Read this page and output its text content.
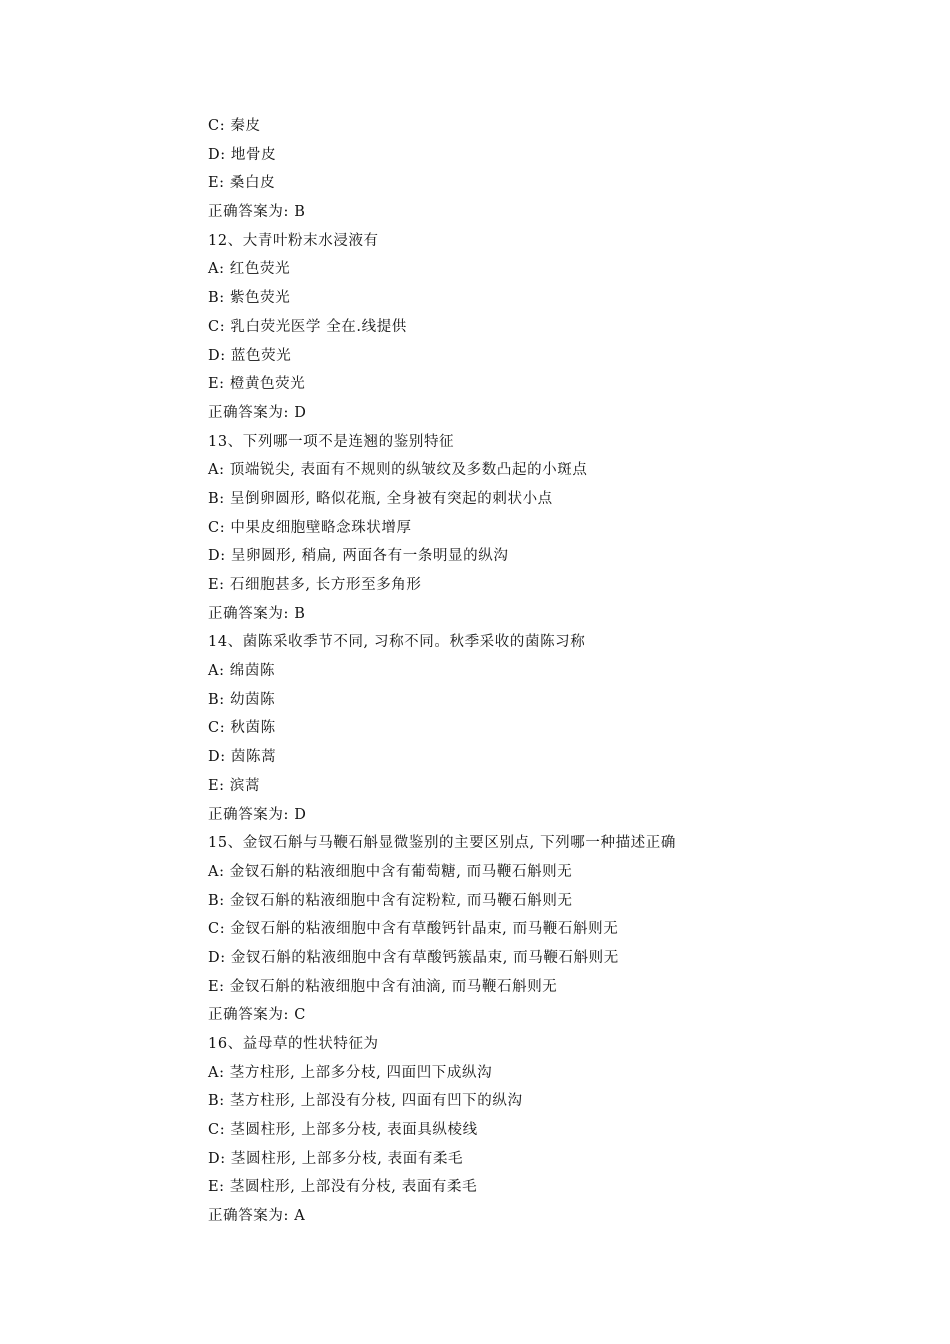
C: 秦皮
D: 地骨皮
E: 桑白皮
正确答案为: B
12、大青叶粉末水浸液有
A: 红色荧光
B: 紫色荧光
C: 乳白荧光医学 全在.线提供
D: 蓝色荧光
E: 橙黄色荧光
正确答案为: D
13、下列哪一项不是连翘的鉴别特征
A: 顶端锐尖, 表面有不规则的纵皱纹及多数凸起的小斑点
B: 呈倒卵圆形, 略似花瓶, 全身被有突起的刺状小点
C: 中果皮细胞壁略念珠状增厚
D: 呈卵圆形, 稍扁, 两面各有一条明显的纵沟
E: 石细胞甚多, 长方形至多角形
正确答案为: B
14、菌陈采收季节不同, 习称不同。秋季采收的菌陈习称
A: 绵茵陈
B: 幼茵陈
C: 秋茵陈
D: 茵陈蒿
E: 滨蒿
正确答案为: D
15、金钗石斛与马鞭石斛显微鉴别的主要区别点, 下列哪一种描述正确
A: 金钗石斛的粘液细胞中含有葡萄糖, 而马鞭石斛则无
B: 金钗石斛的粘液细胞中含有淀粉粒, 而马鞭石斛则无
C: 金钗石斛的粘液细胞中含有草酸钙针晶束, 而马鞭石斛则无
D: 金钗石斛的粘液细胞中含有草酸钙簇晶束, 而马鞭石斛则无
E: 金钗石斛的粘液细胞中含有油滴, 而马鞭石斛则无
正确答案为: C
16、益母草的性状特征为
A: 茎方柱形, 上部多分枝, 四面凹下成纵沟
B: 茎方柱形, 上部没有分枝, 四面有凹下的纵沟
C: 茎圆柱形, 上部多分枝, 表面具纵棱线
D: 茎圆柱形, 上部多分枝, 表面有柔毛
E: 茎圆柱形, 上部没有分枝, 表面有柔毛
正确答案为: A
